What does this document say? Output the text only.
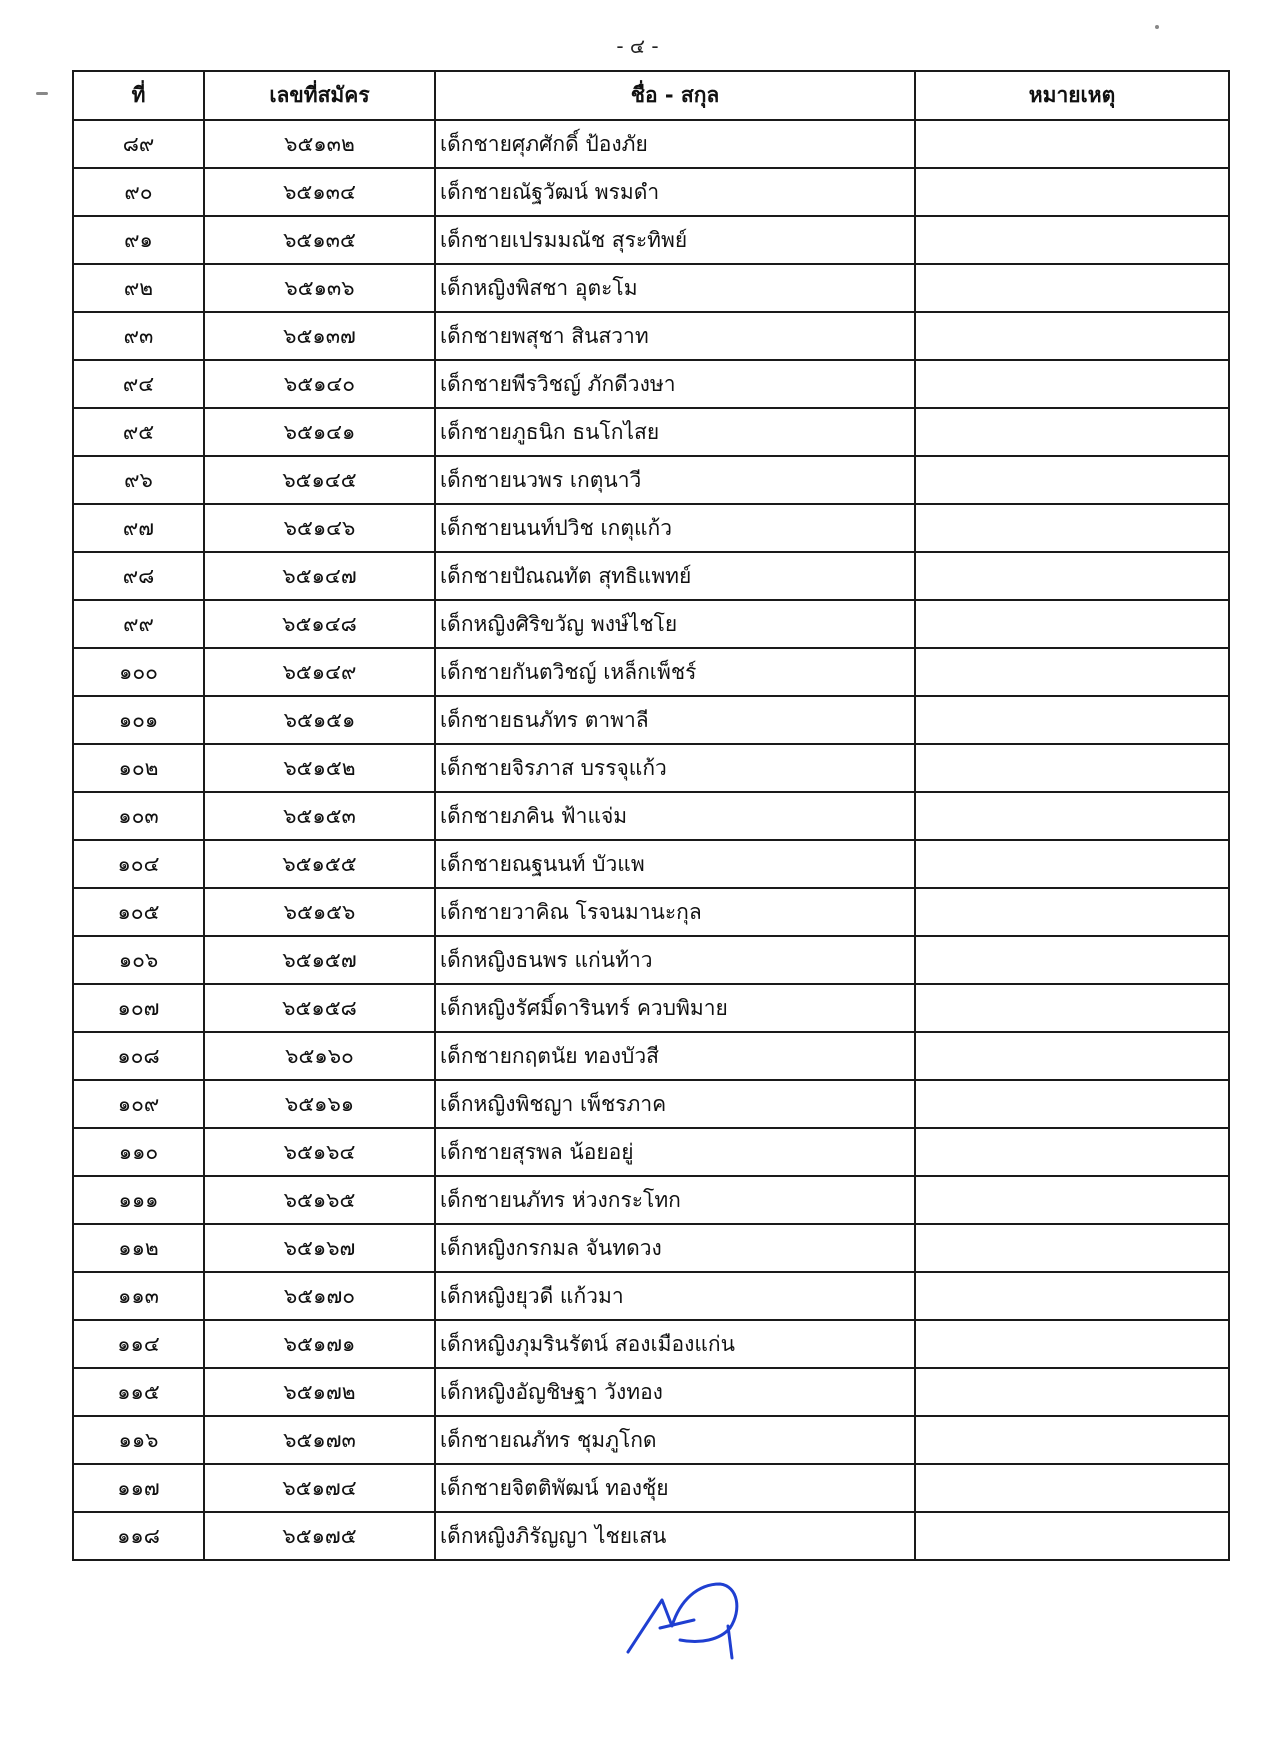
- ๔ -
ที่	เลขที่สมัคร	ชื่อ - สกุล	หมายเหตุ
๘๙	๖๕๑๓๒	เด็กชายศุภศักดิ์ ป้องภัย	
๙๐	๖๕๑๓๔	เด็กชายณัฐวัฒน์ พรมดำ	
๙๑	๖๕๑๓๕	เด็กชายเปรมมณัช สุระทิพย์	
๙๒	๖๕๑๓๖	เด็กหญิงพิสชา อุตะโม	
๙๓	๖๕๑๓๗	เด็กชายพสุชา สินสวาท	
๙๔	๖๕๑๔๐	เด็กชายพีรวิชญ์ ภักดีวงษา	
๙๕	๖๕๑๔๑	เด็กชายภูธนิก ธนโกไสย	
๙๖	๖๕๑๔๕	เด็กชายนวพร เกตุนาวี	
๙๗	๖๕๑๔๖	เด็กชายนนท์ปวิช เกตุแก้ว	
๙๘	๖๕๑๔๗	เด็กชายปัณณทัต สุทธิแพทย์	
๙๙	๖๕๑๔๘	เด็กหญิงศิริขวัญ พงษ์ไชโย	
๑๐๐	๖๕๑๔๙	เด็กชายกันตวิชญ์ เหล็กเพ็ชร์	
๑๐๑	๖๕๑๕๑	เด็กชายธนภัทร ตาพาลี	
๑๐๒	๖๕๑๕๒	เด็กชายจิรภาส บรรจุแก้ว	
๑๐๓	๖๕๑๕๓	เด็กชายภคิน ฟ้าแจ่ม	
๑๐๔	๖๕๑๕๕	เด็กชายณฐนนท์ บัวแพ	
๑๐๕	๖๕๑๕๖	เด็กชายวาคิณ โรจนมานะกุล	
๑๐๖	๖๕๑๕๗	เด็กหญิงธนพร แก่นท้าว	
๑๐๗	๖๕๑๕๘	เด็กหญิงรัศมิ์ดารินทร์ ควบพิมาย	
๑๐๘	๖๕๑๖๐	เด็กชายกฤตนัย ทองบัวสี	
๑๐๙	๖๕๑๖๑	เด็กหญิงพิชญา เพ็ชรภาค	
๑๑๐	๖๕๑๖๔	เด็กชายสุรพล น้อยอยู่	
๑๑๑	๖๕๑๖๕	เด็กชายนภัทร ห่วงกระโทก	
๑๑๒	๖๕๑๖๗	เด็กหญิงกรกมล จันทดวง	
๑๑๓	๖๕๑๗๐	เด็กหญิงยุวดี แก้วมา	
๑๑๔	๖๕๑๗๑	เด็กหญิงภุมรินรัตน์ สองเมืองแก่น	
๑๑๕	๖๕๑๗๒	เด็กหญิงอัญชิษฐา วังทอง	
๑๑๖	๖๕๑๗๓	เด็กชายณภัทร ชุมภูโกด	
๑๑๗	๖๕๑๗๔	เด็กชายจิตติพัฒน์ ทองชุ้ย	
๑๑๘	๖๕๑๗๕	เด็กหญิงภิรัญญา ไชยเสน	
